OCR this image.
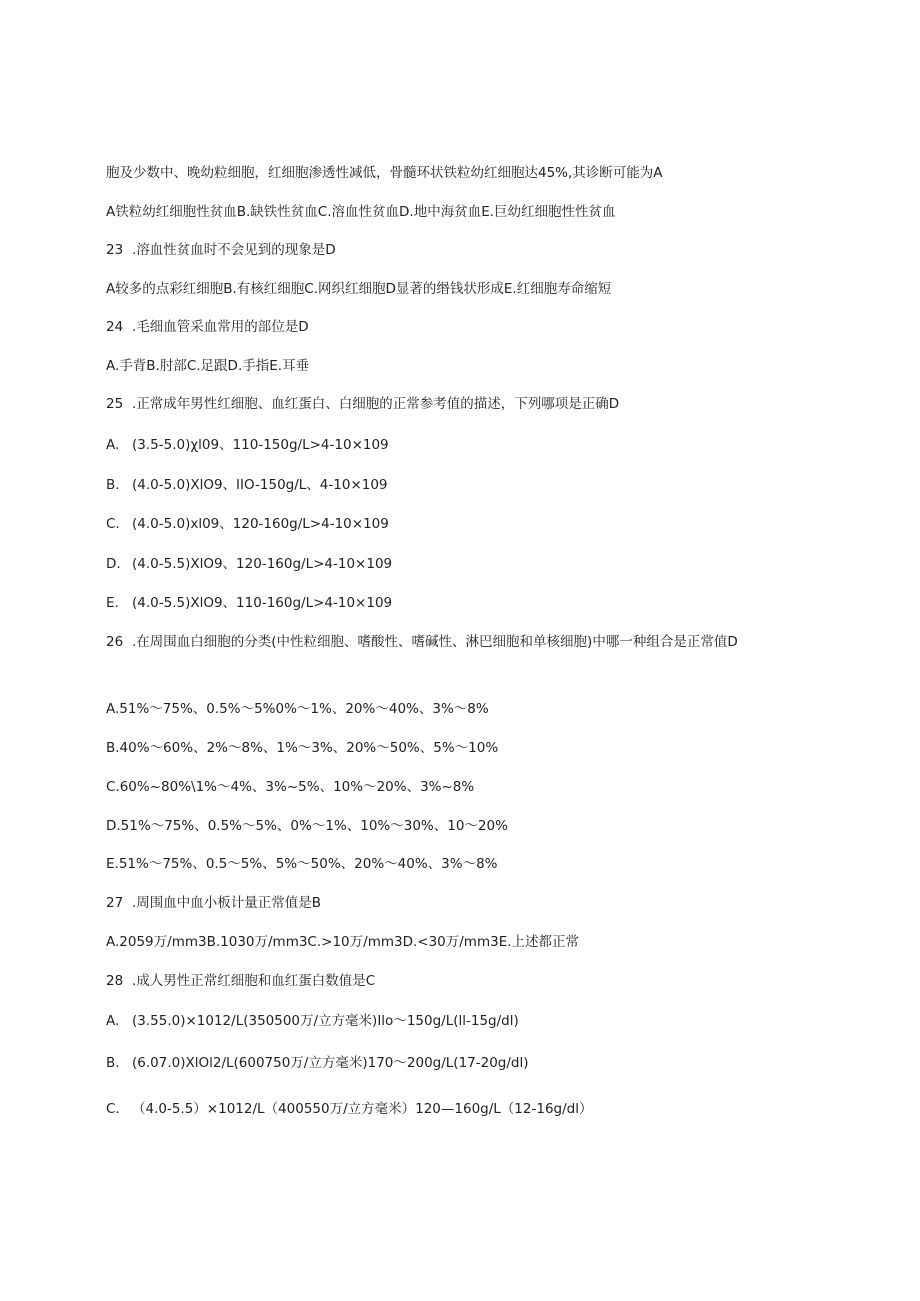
胞及少数中、晚幼粒细胞，红细胞渗透性减低，骨髓环状铁粒幼红细胞达45%,其诊断可能为A
A铁粒幼红细胞性贫血B.缺铁性贫血C.溶血性贫血D.地中海贫血E.巨幼红细胞性性贫血
23 .溶血性贫血时不会见到的现象是D
A较多的点彩红细胞B.有核红细胞C.网织红细胞D显著的缗钱状形成E.红细胞寿命缩短
24 .毛细血管采血常用的部位是D
A.手背B.肘部C.足跟D.手指E.耳垂
25 .正常成年男性红细胞、血红蛋白、白细胞的正常参考值的描述，下列哪项是正确D
A. (3.5-5.0)χl09、110-150g∕L>4-10×109
B. (4.0-5.0)XlO9、IIO-150g/L、4-10×109
C. (4.0-5.0)xl09、120-160g∕L>4-10×109
D. (4.0-5.5)XlO9、120-160g∕L>4-10×109
E. (4.0-5.5)XlO9、110-160g∕L>4-10×109
26 .在周围血白细胞的分类(中性粒细胞、嗜酸性、嗜碱性、淋巴细胞和单核细胞)中哪一种组合是正常值D
A.51%～75%、0.5%～5%0%～1%、20%～40%、3%～8%
B.40%～60%、2%～8%、1%～3%、20%～50%、5%～10%
C.60%~80%\1%～4%、3%~5%、10%～20%、3%~8%
D.51%～75%、0.5%～5%、0%～1%、10%～30%、10～20%
E.51%～75%、0.5～5%、5%～50%、20%～40%、3%～8%
27 .周围血中血小板计量正常值是B
A.2059万/mm3B.1030万/mm3C.>10万/mm3D.<30万/mm3E.上述都正常
28 .成人男性正常红细胞和血红蛋白数值是C
A. (3.55.0)×1012∕L(350500万/立方毫米)Ilo～150g∕L(ll-15g∕dl)
B. (6.07.0)XlOl2∕L(600750万/立方毫米)170～200g∕L(17-20g∕dl)
C. （4.0-5.5）×1012∕L（400550万/立方毫米）120—160g∕L（12-16g∕dl）
